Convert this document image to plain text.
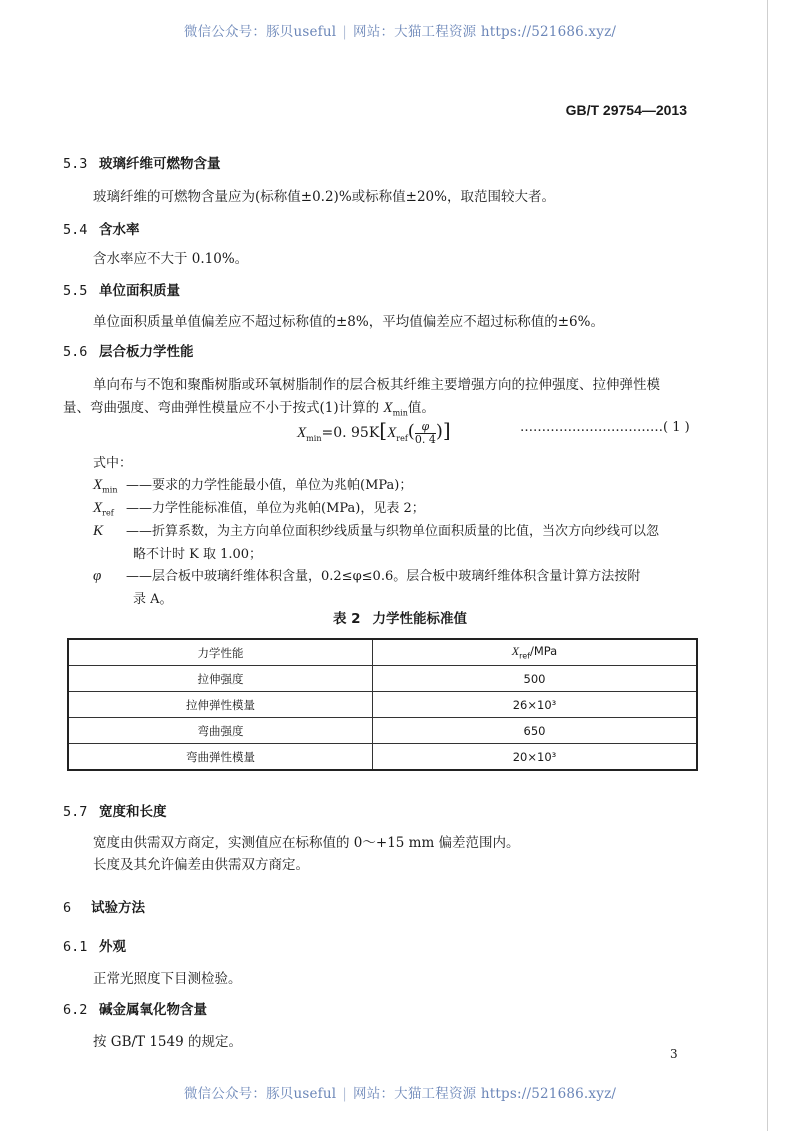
微信公众号：豚贝useful | 网站：大猫工程资源 https://521686.xyz/
GB/T 29754—2013
5.3 玻璃纤维可燃物含量
玻璃纤维的可燃物含量应为(标称值±0.2)%或标称值±20%，取范围较大者。
5.4 含水率
含水率应不大于 0.10%。
5.5 单位面积质量
单位面积质量单值偏差应不超过标称值的±8%，平均值偏差应不超过标称值的±6%。
5.6 层合板力学性能
单向布与不饱和聚酯树脂或环氧树脂制作的层合板其纤维主要增强方向的拉伸强度、拉伸弹性模
量、弯曲强度、弯曲弹性模量应不小于按式(1)计算的 $X_{min}$值。
$X_{min}=0$. $95K[X_{ref}( \frac{\varphi}{0. 4}$ )]	……………………………( 1 )
式中：
$X_{min}$ ——要求的力学性能最小值，单位为兆帕(MPa)；
$X_{ref}$ ——力学性能标准值，单位为兆帕(MPa)，见表 2；
K ——折算系数，为主方向单位面积纱线质量与织物单位面积质量的比值，当次方向纱线可以忽
略不计时 K 取 1.00；
φ ——层合板中玻璃纤维体积含量，0.2≤φ≤0.6。层合板中玻璃纤维体积含量计算方法按附
录 A。
表 2 力学性能标准值
力学性能	$X_{ref}$/MPa
拉伸强度	500
拉伸弹性模量	26×10³
弯曲强度	650
弯曲弹性模量	20×10³
5.7 宽度和长度
宽度由供需双方商定，实测值应在标称值的 0～+15 mm 偏差范围内。
长度及其允许偏差由供需双方商定。
6 试验方法
6.1 外观
正常光照度下目测检验。
6.2 碱金属氧化物含量
按 GB/T 1549 的规定。
3
微信公众号：豚贝useful | 网站：大猫工程资源 https://521686.xyz/
